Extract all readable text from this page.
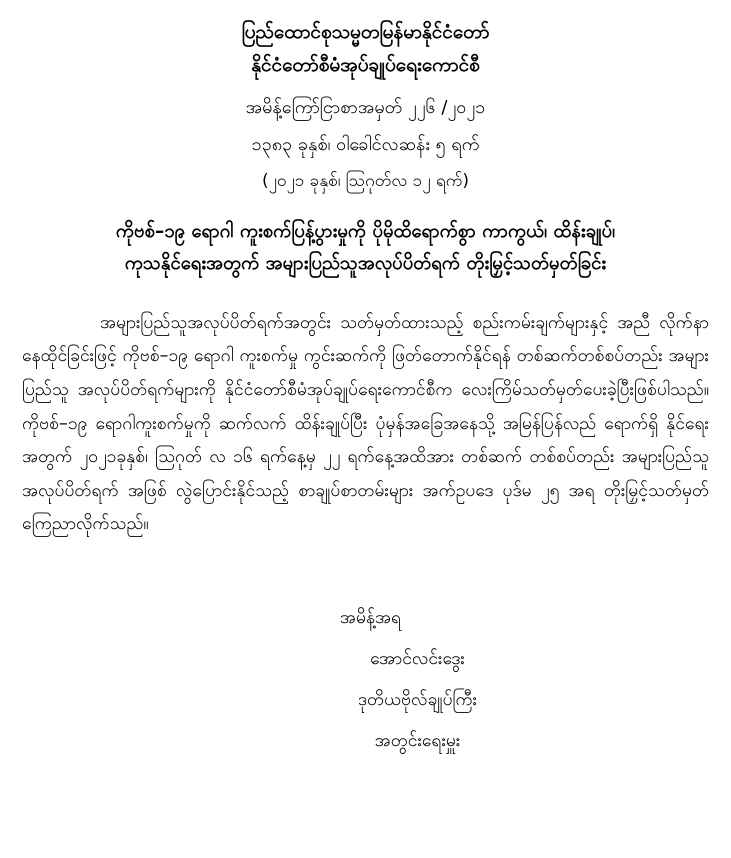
ပြည်ထောင်စုသမ္မတမြန်မာနိုင်ငံတော်
နိုင်ငံတော်စီမံအုပ်ချုပ်ရေးကောင်စီ
အမိန့်ကြော်ငြာစာအမှတ် ၂၂၆ /၂၀၂၁
၁၃၈၃ ခုနှစ်၊ ဝါခေါင်လဆန်း ၅ ရက်
(၂၀၂၁ ခုနှစ်၊ ဩဂုတ်လ ၁၂ ရက်)
ကိုဗစ်–၁၉ ရောဂါ ကူးစက်ပြန့်ပွားမှုကို ပိုမိုထိရောက်စွာ ကာကွယ်၊ ထိန်းချုပ်၊
ကုသနိုင်ရေးအတွက် အများပြည်သူအလုပ်ပိတ်ရက် တိုးမြှင့်သတ်မှတ်ခြင်း

အများပြည်သူအလုပ်ပိတ်ရက်အတွင်း သတ်မှတ်ထားသည့် စည်းကမ်းချက်များနှင့် အညီ လိုက်နာနေထိုင်ခြင်းဖြင့် ကိုဗစ်–၁၉ ရောဂါ ကူးစက်မှု ကွင်းဆက်ကို ဖြတ်တောက်နိုင်ရန် တစ်ဆက်တစ်စပ်တည်း အများပြည်သူ အလုပ်ပိတ်ရက်များကို နိုင်ငံတော်စီမံအုပ်ချုပ်ရေးကောင်စီက လေးကြိမ်သတ်မှတ်ပေးခဲ့ပြီးဖြစ်ပါသည်။ ကိုဗစ်–၁၉ ရောဂါကူးစက်မှုကို ဆက်လက် ထိန်းချုပ်ပြီး ပုံမှန်အခြေအနေသို့ အမြန်ပြန်လည် ရောက်ရှိ နိုင်ရေးအတွက် ၂၀၂၁ခုနှစ်၊ ဩဂုတ် လ ၁၆ ရက်နေ့မှ ၂၂ ရက်နေ့အထိအား တစ်ဆက် တစ်စပ်တည်း အများပြည်သူအလုပ်ပိတ်ရက် အဖြစ် လွဲပြောင်းနိုင်သည့် စာချုပ်စာတမ်းများ အက်ဥပဒေ ပုဒ်မ ၂၅ အရ တိုးမြှင့်သတ်မှတ် ကြေညာလိုက်သည်။

အမိန့်အရ
အောင်လင်းဒွေး
ဒုတိယဗိုလ်ချုပ်ကြီး
အတွင်းရေးမှူး
